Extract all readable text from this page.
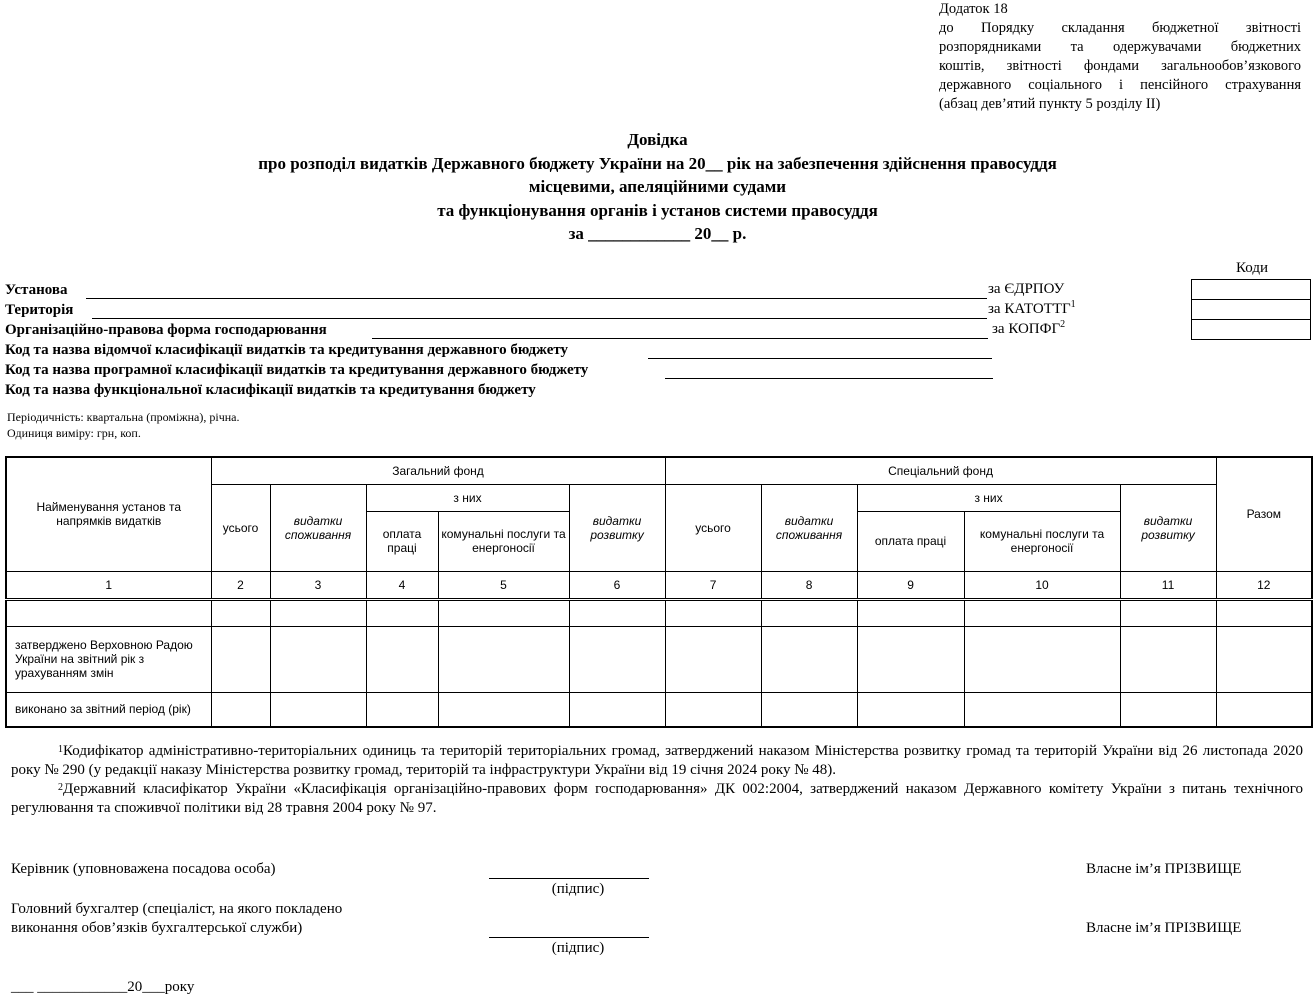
Додаток 18
до Порядку складання бюджетної звітності
розпорядниками та одержувачами бюджетних
коштів, звітності фондами загальнообов’язкового
державного соціального і пенсійного страхування
(абзац дев’ятий пункту 5 розділу ІІ)
Довідка
про розподіл видатків Державного бюджету України на 20__ рік на забезпечення здійснення правосуддя
місцевими, апеляційними судами
та функціонування органів і установ системи правосуддя
за ____________ 20__ р.
Коди
Установа	за ЄДРПОУ
Територія	за КАТОТТГ$^1$
Організаційно-правова форма господарювання	за КОПФГ$^2$
Код та назва відомчої класифікації видатків та кредитування державного бюджету
Код та назва програмної класифікації видатків та кредитування державного бюджету
Код та назва функціональної класифікації видатків та кредитування бюджету
Періодичність: квартальна (проміжна), річна.
Одиниця виміру: грн, коп.
Найменування установ та напрямків видатків	Загальний фонд					Спеціальний фонд					Разом
	усього	видатки споживання	з них		видатки розвитку	усього	видатки споживання	з них		видатки розвитку	
			оплата праці	комунальні послуги та енергоносії				оплата праці	комунальні послуги та енергоносії		
1	2	3	4	5	6	7	8	9	10	11	12

затверджено Верховною Радою України на звітний рік з урахуванням змін											
виконано за звітний період (рік)											
$^1$Кодифікатор адміністративно-територіальних одиниць та територій територіальних громад, затверджений наказом Міністерства розвитку громад та територій України від 26 листопада 2020 року № 290 (у редакції наказу Міністерства розвитку громад, територій та інфраструктури України від 19 січня 2024 року № 48).
$^2$Державний класифікатор України «Класифікація організаційно-правових форм господарювання» ДК 002:2004, затверджений наказом Державного комітету України з питань технічного регулювання та споживчої політики від 28 травня 2004 року № 97.
Керівник (уповноважена посадова особа)
(підпис)
Власне ім’я ПРІЗВИЩЕ
Головний бухгалтер (спеціаліст, на якого покладено
виконання обов’язків бухгалтерської служби)
(підпис)
Власне ім’я ПРІЗВИЩЕ
___ ____________20___року
